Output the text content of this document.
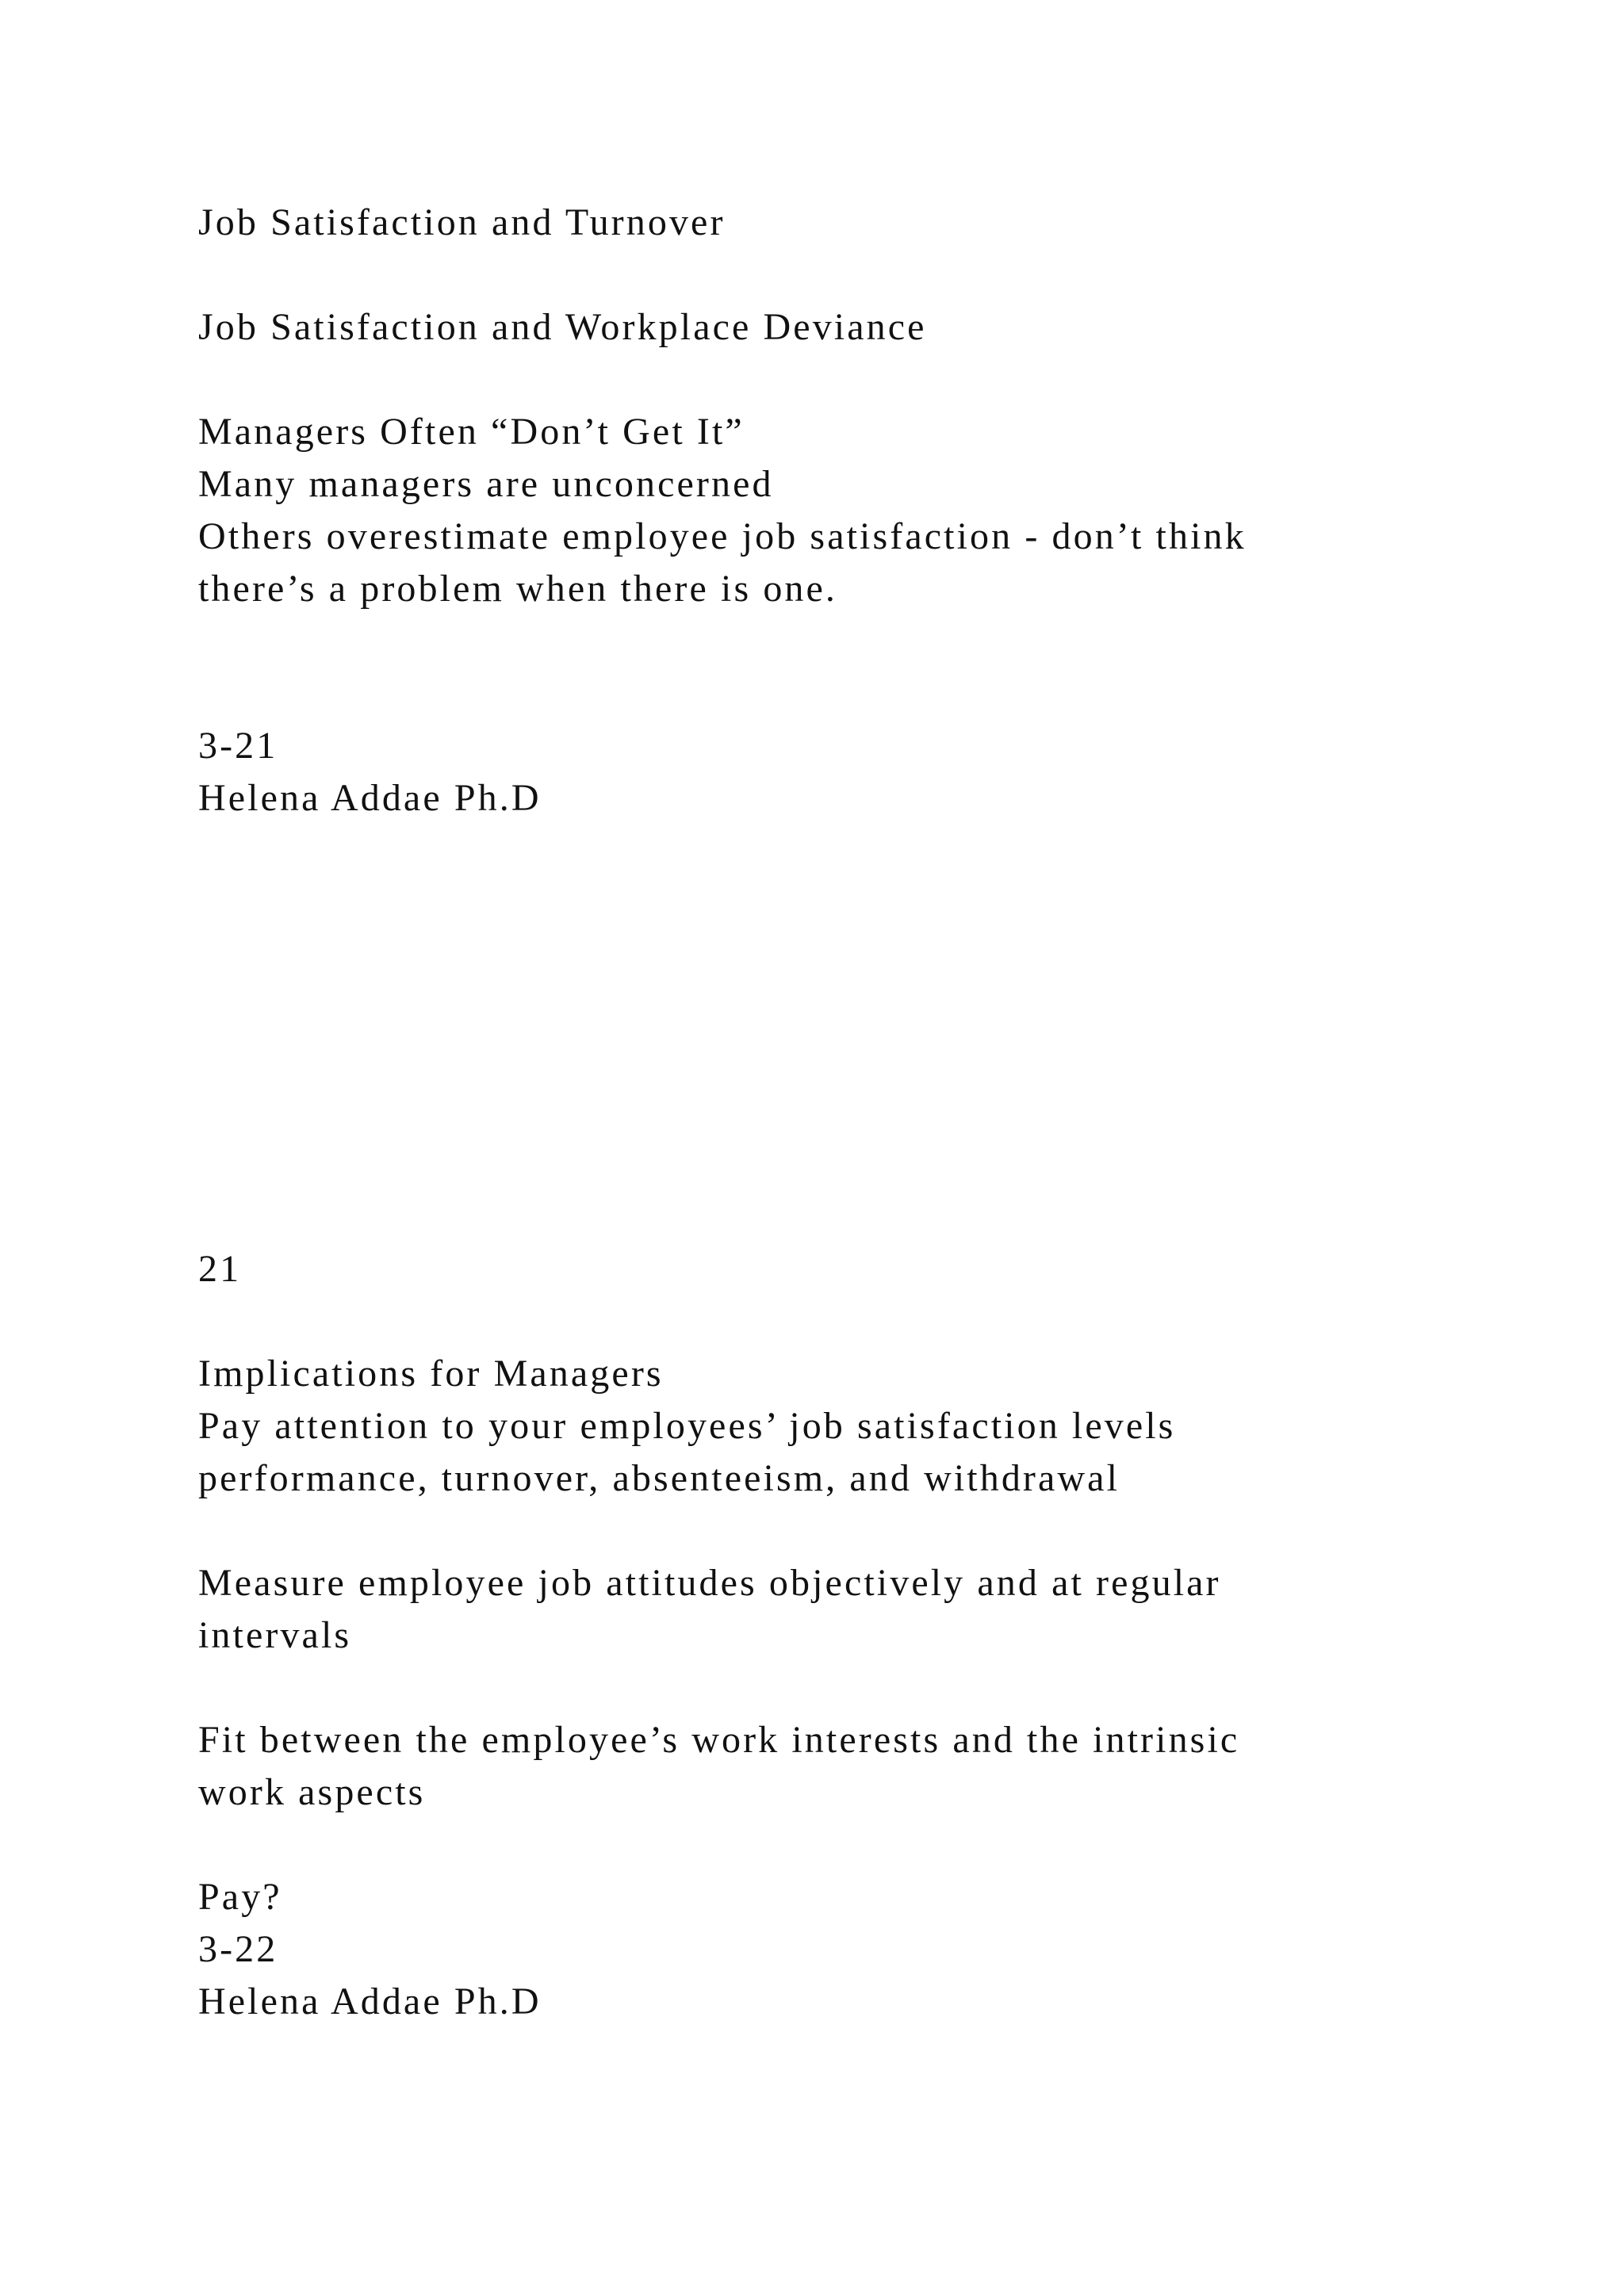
Job Satisfaction and Turnover

Job Satisfaction and Workplace Deviance

Managers Often “Don’t Get It”

Many managers are unconcerned

Others overestimate employee job satisfaction - don’t think

there’s a problem when there is one.

3-21

Helena Addae Ph.D

21

Implications for Managers

Pay attention to your employees’ job satisfaction levels

performance, turnover, absenteeism, and withdrawal

Measure employee job attitudes objectively and at regular

intervals

Fit between the employee’s work interests and the intrinsic

work aspects

Pay?

3-22

Helena Addae Ph.D
